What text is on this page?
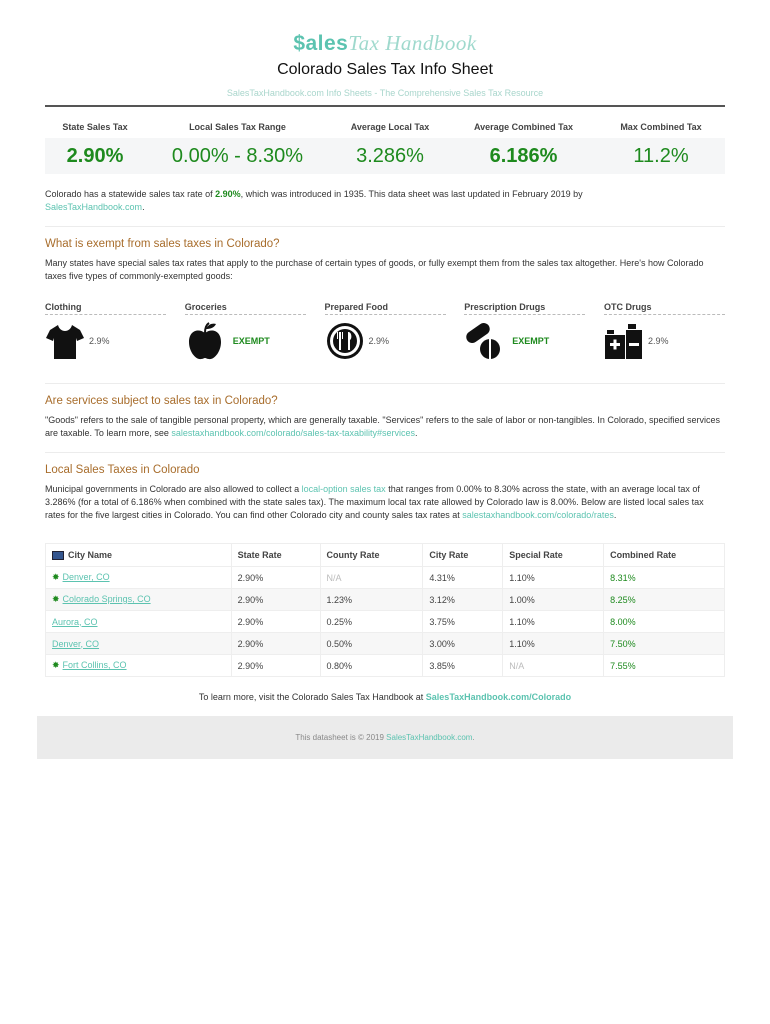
$alesTax Handbook
Colorado Sales Tax Info Sheet
SalesTaxHandbook.com Info Sheets - The Comprehensive Sales Tax Resource
State Sales Tax	Local Sales Tax Range	Average Local Tax	Average Combined Tax	Max Combined Tax
2.90%	0.00% - 8.30%	3.286%	6.186%	11.2%
Colorado has a statewide sales tax rate of 2.90%, which was introduced in 1935. This data sheet was last updated in February 2019 by
SalesTaxHandbook.com.
What is exempt from sales taxes in Colorado?
Many states have special sales tax rates that apply to the purchase of certain types of goods, or fully exempt them from the sales tax altogether. Here's how Colorado taxes five types of commonly-exempted goods:
Clothing
2.9%
Groceries
EXEMPT
Prepared Food
2.9%
Prescription Drugs
EXEMPT
OTC Drugs
2.9%
Are services subject to sales tax in Colorado?
"Goods" refers to the sale of tangible personal property, which are generally taxable. "Services" refers to the sale of labor or non-tangibles. In Colorado, specified services are taxable. To learn more, see salestaxhandbook.com/colorado/sales-tax-taxability#services.
Local Sales Taxes in Colorado
Municipal governments in Colorado are also allowed to collect a local-option sales tax that ranges from 0.00% to 8.30% across the state, with an average local tax of 3.286% (for a total of 6.186% when combined with the state sales tax). The maximum local tax rate allowed by Colorado law is 8.00%. Below are listed local sales tax rates for the five largest cities in Colorado. You can find other Colorado city and county sales tax rates at salestaxhandbook.com/colorado/rates.
City Name	State Rate	County Rate	City Rate	Special Rate	Combined Rate
✸ Denver, CO	2.90%	N/A	4.31%	1.10%	8.31%
✸ Colorado Springs, CO	2.90%	1.23%	3.12%	1.00%	8.25%
Aurora, CO	2.90%	0.25%	3.75%	1.10%	8.00%
Denver, CO	2.90%	0.50%	3.00%	1.10%	7.50%
✸ Fort Collins, CO	2.90%	0.80%	3.85%	N/A	7.55%
To learn more, visit the Colorado Sales Tax Handbook at SalesTaxHandbook.com/Colorado
This datasheet is © 2019 SalesTaxHandbook.com.
